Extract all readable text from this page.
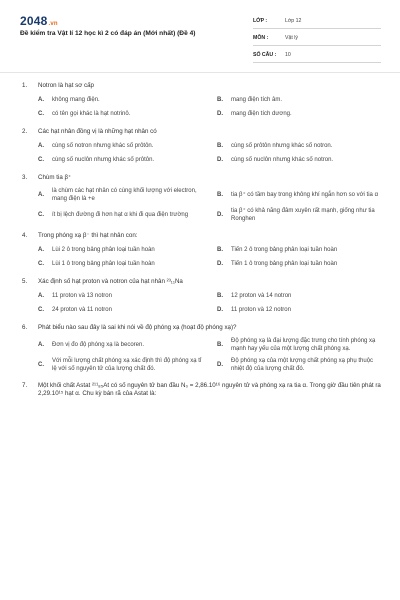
2048.vn
Đề kiểm tra Vật lí 12 học kì 2 có đáp án (Mới nhất) (Đề 4)
LỚP :	Lớp 12
MÔN :	Vật lý
SỐ CÂU : 10
1.	Notron là hạt sơ cấp
A.	không mang điện.	B.	mang điện tích âm.
C.	có tên gọi khác là hạt notrinô.	D.	mang điện tích dương.
2.	Các hạt nhân đồng vị là những hạt nhân có
A.	cùng số notron nhưng khác số prôtôn.	B.	cùng số prôtôn nhưng khác số notron.
C.	cùng số nuclôn nhưng khác số prôtôn.	D.	cùng số nuclôn nhưng khác số notron.
3.	Chùm tia β⁺
A.
là chùm các hạt nhân có cùng khối lượng với electron, mang điện là +e
B.	tia β⁺ có tầm bay trong không khí ngắn hơn so với tia α
C.	ít bị lệch đường đi hơn hạt α khi đi qua điện trường	D.
tia β⁺ có khả năng đâm xuyên rất mạnh, giống như tia Ronghen
4.	Trong phóng xạ β⁻ thì hạt nhân con:
A.	Lùi 2 ô trong bảng phân loại tuần hoàn	B.	Tiến 2 ô trong bảng phân loại tuần hoàn
C.	Lùi 1 ô trong bảng phân loại tuần hoàn	D.	Tiến 1 ô trong bảng phân loại tuần hoàn
5.	Xác định số hạt proton và notron của hạt nhân ²³₁₁Na
A.	11 proton và 13 notron	B.	12 proton và 14 notron
C.	24 proton và 11 notron	D.	11 proton và 12 notron
6.	Phát biểu nào sau đây là sai khi nói về độ phóng xạ (hoạt độ phóng xạ)?
A.	Đơn vị đo độ phóng xạ là becoren.	B.
Độ phóng xạ là đại lượng đặc trưng cho tính phóng xạ mạnh hay yếu của một lượng chất phóng xạ.
C.
Với mỗi lượng chất phóng xạ xác định thì độ phóng xạ tỉ lệ với số nguyên tử của lượng chất đó.
D.
Độ phóng xạ của một lượng chất phóng xạ phụ thuộc nhiệt độ của lượng chất đó.
7.	Một khối chất Astat ²¹¹₈₅At có số nguyên tử ban đầu N₀ = 2,86.10¹⁶ nguyên tử và phóng xạ ra tia α. Trong giờ đầu tiên phát ra 2,29.10¹⁵ hạt α. Chu kỳ bán rã của Astat là:
